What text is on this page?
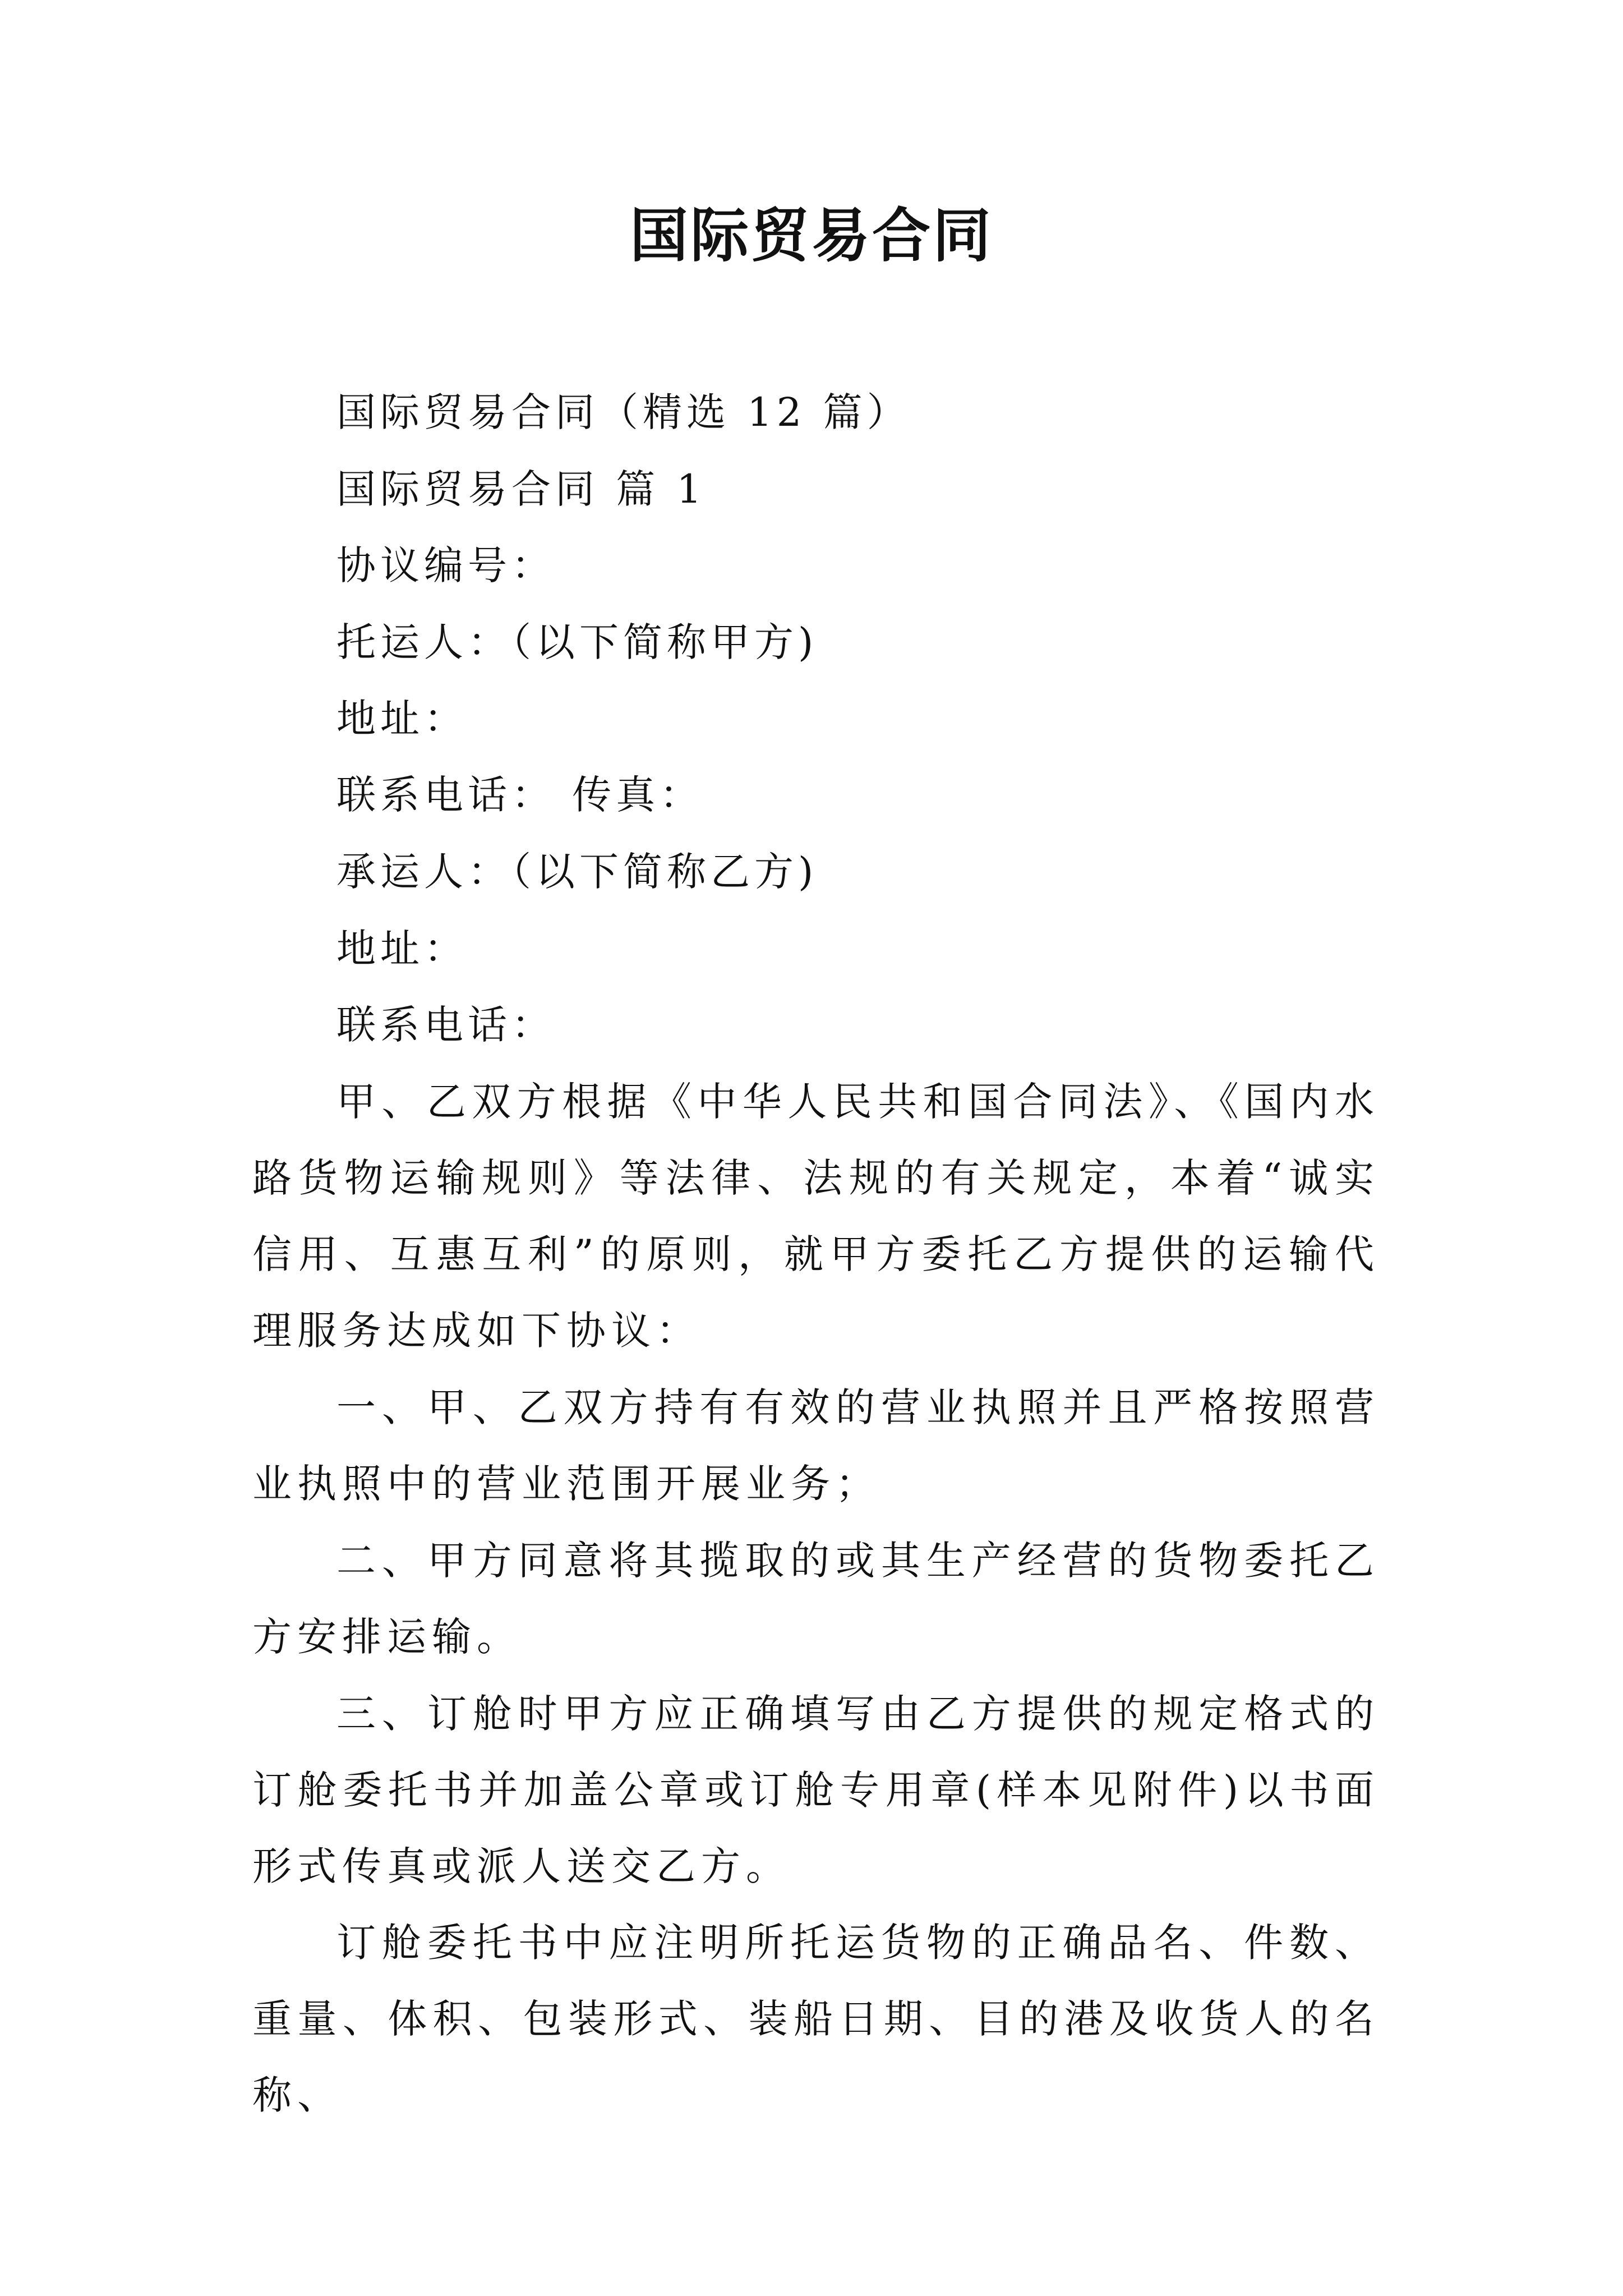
国际贸易合同
国际贸易合同（精选 12 篇）
国际贸易合同 篇 1
协议编号：
托运人：（以下简称甲方)
地址：
联系电话： 传真：
承运人：（以下简称乙方)
地址：
联系电话：
甲、乙双方根据《中华人民共和国合同法》、《国内水路货物运输规则》等法律、法规的有关规定，本着“诚实信用、互惠互利”的原则，就甲方委托乙方提供的运输代理服务达成如下协议：
一、甲、乙双方持有有效的营业执照并且严格按照营业执照中的营业范围开展业务；
二、甲方同意将其揽取的或其生产经营的货物委托乙方安排运输。
三、订舱时甲方应正确填写由乙方提供的规定格式的订舱委托书并加盖公章或订舱专用章(样本见附件)以书面形式传真或派人送交乙方。
订舱委托书中应注明所托运货物的正确品名、件数、重量、体积、包装形式、装船日期、目的港及收货人的名称、
